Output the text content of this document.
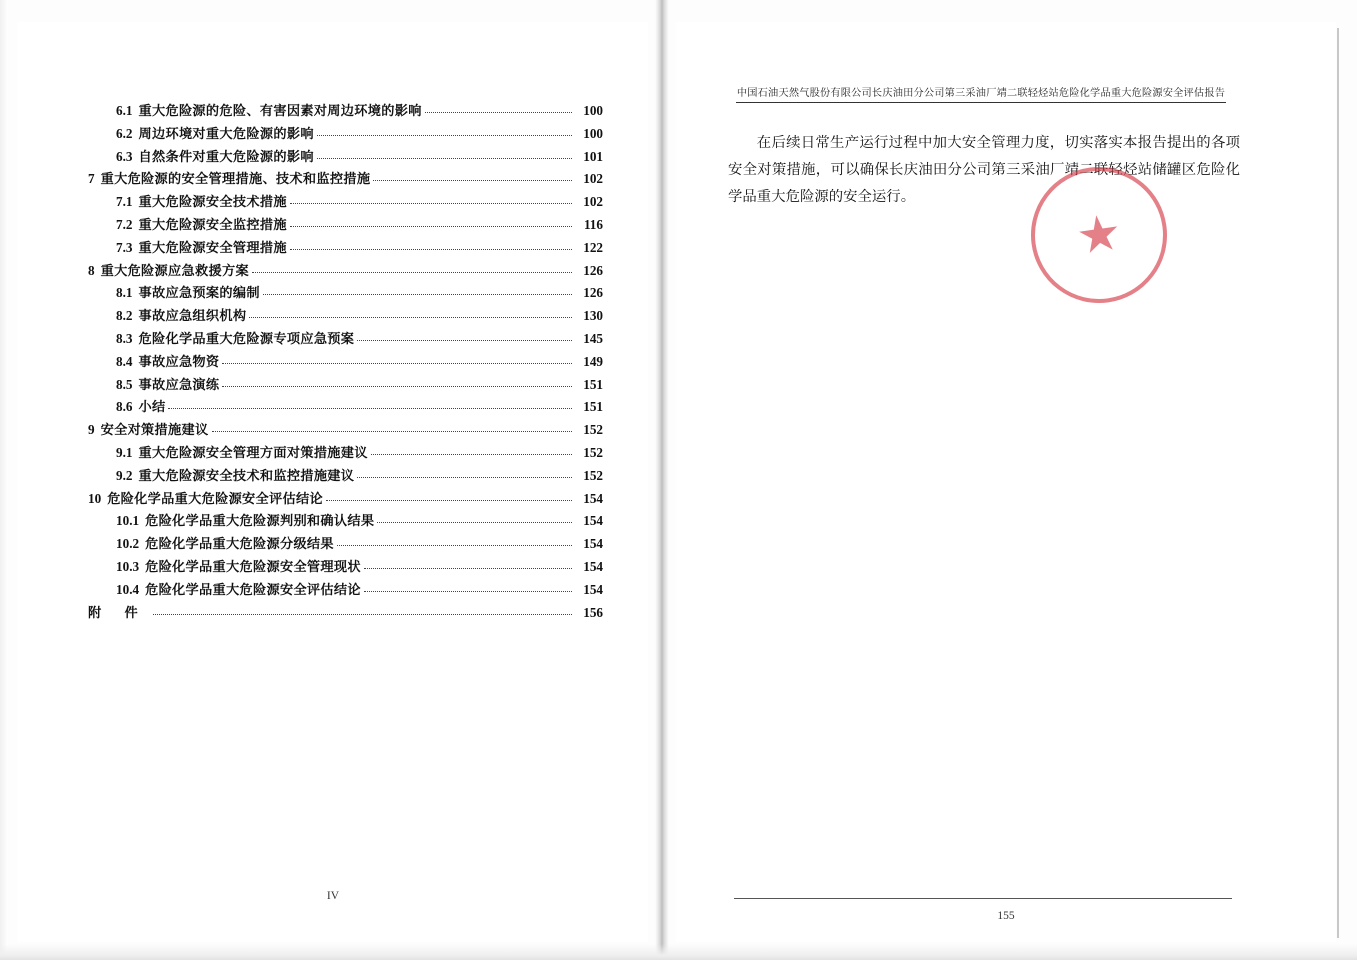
6.1 重大危险源的危险、有害因素对周边环境的影响	100
6.2 周边环境对重大危险源的影响	100
6.3 自然条件对重大危险源的影响	101
7 重大危险源的安全管理措施、技术和监控措施	102
7.1 重大危险源安全技术措施	102
7.2 重大危险源安全监控措施	116
7.3 重大危险源安全管理措施	122
8 重大危险源应急救援方案	126
8.1 事故应急预案的编制	126
8.2 事故应急组织机构	130
8.3 危险化学品重大危险源专项应急预案	145
8.4 事故应急物资	149
8.5 事故应急演练	151
8.6 小结	151
9 安全对策措施建议	152
9.1 重大危险源安全管理方面对策措施建议	152
9.2 重大危险源安全技术和监控措施建议	152
10 危险化学品重大危险源安全评估结论	154
10.1 危险化学品重大危险源判别和确认结果	154
10.2 危险化学品重大危险源分级结果	154
10.3 危险化学品重大危险源安全管理现状	154
10.4 危险化学品重大危险源安全评估结论	154
附 件	156
IV
中国石油天然气股份有限公司长庆油田分公司第三采油厂靖二联轻烃站危险化学品重大危险源安全评估报告
在后续日常生产运行过程中加大安全管理力度，切实落实本报告提出的各项安全对策措施，可以确保长庆油田分公司第三采油厂靖二联轻烃站储罐区危险化学品重大危险源的安全运行。
155
